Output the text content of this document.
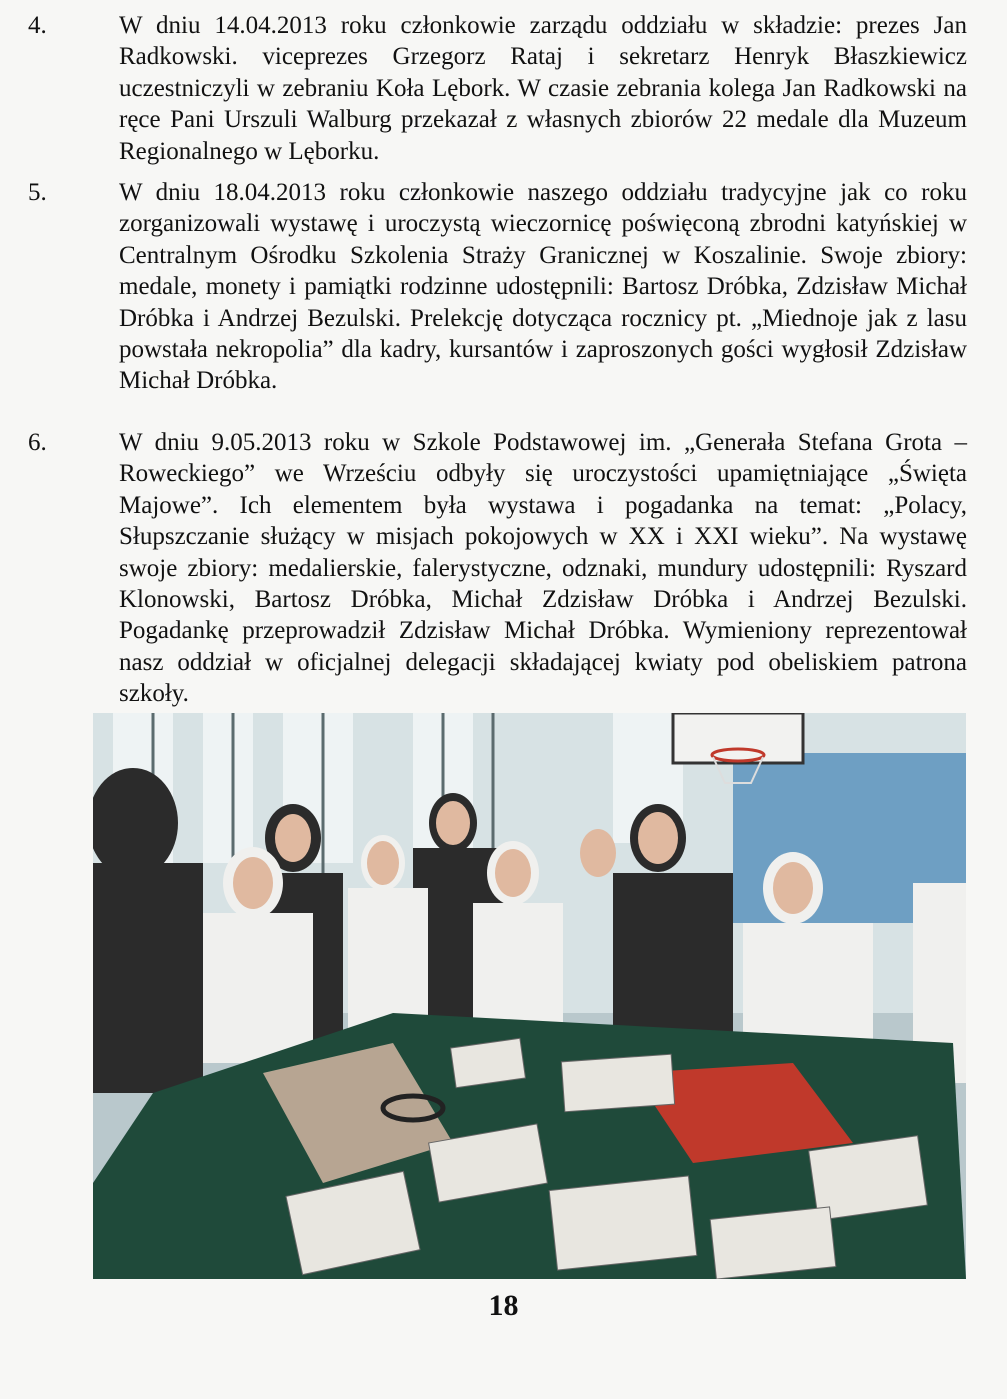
4.	W dniu 14.04.2013 roku członkowie zarządu oddziału w składzie: prezes Jan Radkowski. viceprezes Grzegorz Rataj i sekretarz Henryk Błaszkiewicz uczestniczyli w zebraniu Koła Lębork. W czasie zebrania kolega Jan Radkowski na ręce Pani Urszuli Walburg przekazał z własnych zbiorów 22 medale dla Muzeum Regionalnego w Lęborku.
5.	W dniu 18.04.2013 roku członkowie naszego oddziału tradycyjne jak co roku zorganizowali wystawę i uroczystą wieczornicę poświęconą zbrodni katyńskiej w Centralnym Ośrodku Szkolenia Straży Granicznej w Koszalinie. Swoje zbiory: medale, monety i pamiątki rodzinne udostępnili: Bartosz Dróbka, Zdzisław Michał Dróbka i Andrzej Bezulski. Prelekcję dotycząca rocznicy pt. „Miednoje jak z lasu powstała nekropolia” dla kadry, kursantów i zaproszonych gości wygłosił Zdzisław Michał Dróbka.
6.	W dniu 9.05.2013 roku w Szkole Podstawowej im. „Generała Stefana Grota – Roweckiego” we Wrześciu odbyły się uroczystości upamiętniające „Święta Majowe”. Ich elementem była wystawa i pogadanka na temat: „Polacy, Słupszczanie służący w misjach pokojowych w XX i XXI wieku”. Na wystawę swoje zbiory: medalierskie, falerystyczne, odznaki, mundury udostępnili: Ryszard Klonowski, Bartosz Dróbka, Michał Zdzisław Dróbka i Andrzej Bezulski. Pogadankę przeprowadził Zdzisław Michał Dróbka. Wymieniony reprezentował nasz oddział w oficjalnej delegacji składającej kwiaty pod obeliskiem patrona szkoły.
18
